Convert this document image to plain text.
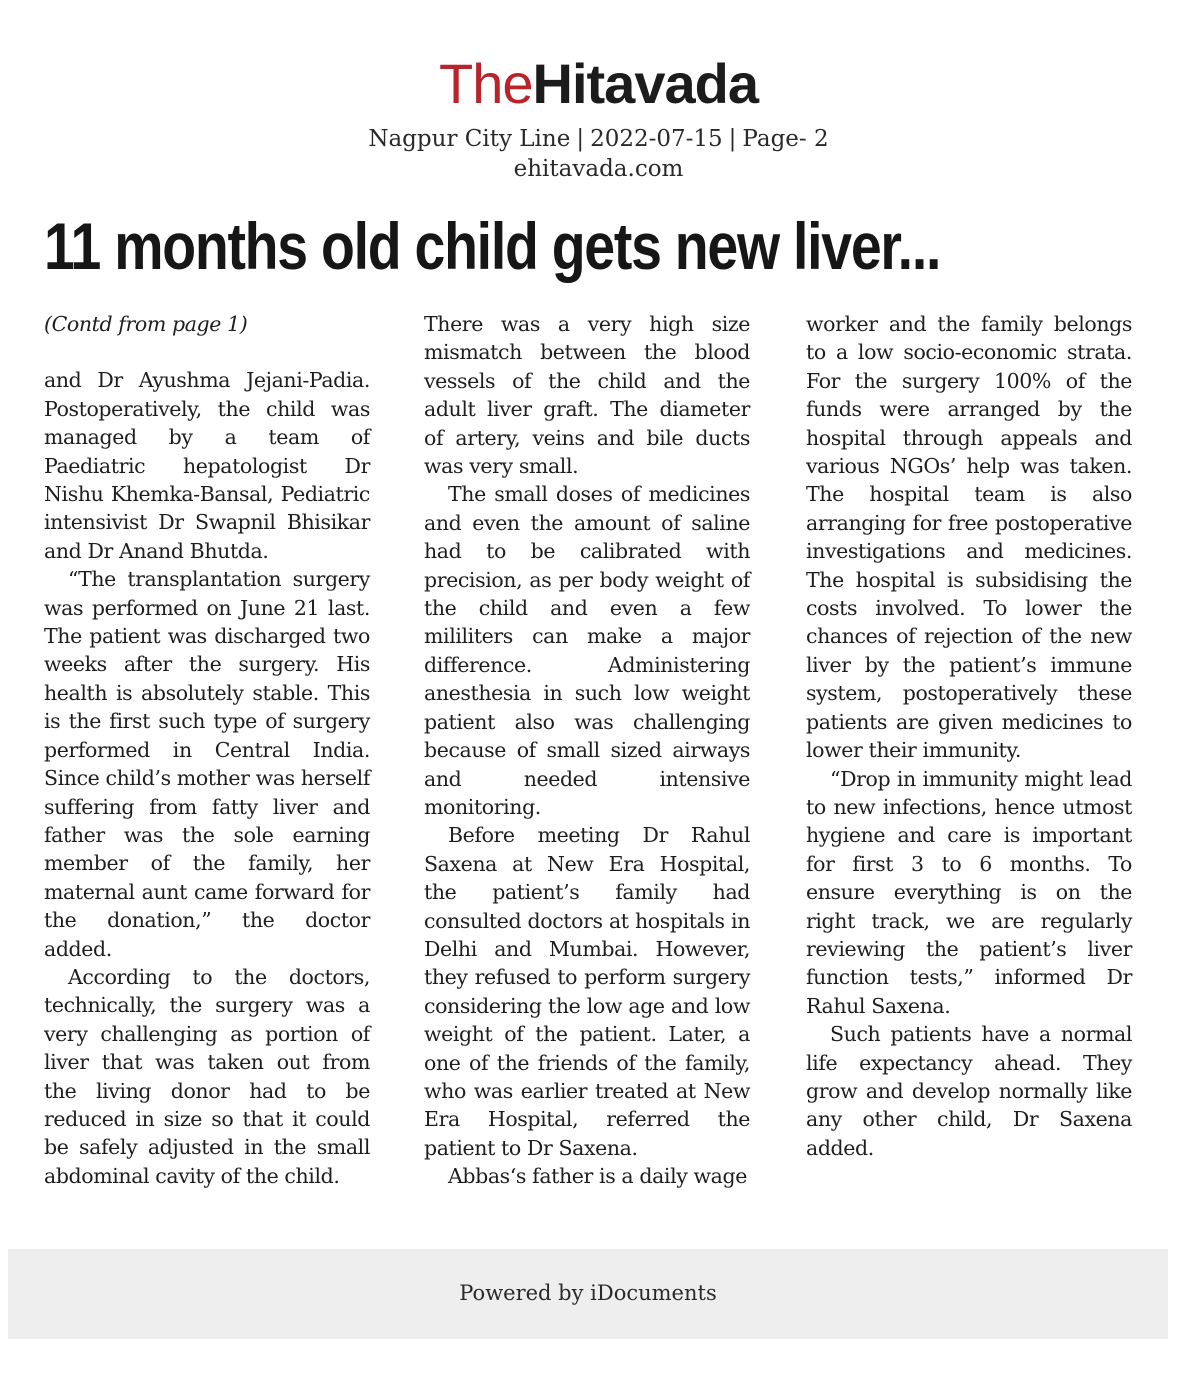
TheHitavada
Nagpur City Line | 2022-07-15 | Page- 2
ehitavada.com
11 months old child gets new liver...

(Contd from page 1)

and Dr Ayushma Jejani-Padia. Postoperatively, the child was managed by a team of Paediatric hepatologist Dr Nishu Khemka-Bansal, Pediatric intensivist Dr Swapnil Bhisikar and Dr Anand Bhutda.

“The transplantation surgery was performed on June 21 last. The patient was discharged two weeks after the surgery. His health is absolutely stable. This is the first such type of surgery performed in Central India. Since child’s mother was herself suffering from fatty liver and father was the sole earning member of the family, her maternal aunt came forward for the donation,” the doctor added.

According to the doctors, technically, the surgery was a very challenging as portion of liver that was taken out from the living donor had to be reduced in size so that it could be safely adjusted in the small abdominal cavity of the child.

There was a very high size mismatch between the blood vessels of the child and the adult liver graft. The diameter of artery, veins and bile ducts was very small.

The small doses of medicines and even the amount of saline had to be calibrated with precision, as per body weight of the child and even a few mililiters can make a major difference. Administering anesthesia in such low weight patient also was challenging because of small sized airways and needed intensive monitoring.

Before meeting Dr Rahul Saxena at New Era Hospital, the patient’s family had consulted doctors at hospitals in Delhi and Mumbai. However, they refused to perform surgery considering the low age and low weight of the patient. Later, a one of the friends of the family, who was earlier treated at New Era Hospital, referred the patient to Dr Saxena.

Abbas‘s father is a daily wage

worker and the family belongs to a low socio-economic strata. For the surgery 100% of the funds were arranged by the hospital through appeals and various NGOs’ help was taken. The hospital team is also arranging for free postoperative investigations and medicines. The hospital is subsidising the costs involved. To lower the chances of rejection of the new liver by the patient’s immune system, postoperatively these patients are given medicines to lower their immunity.

“Drop in immunity might lead to new infections, hence utmost hygiene and care is important for first 3 to 6 months. To ensure everything is on the right track, we are regularly reviewing the patient’s liver function tests,” informed Dr Rahul Saxena.

Such patients have a normal life expectancy ahead. They grow and develop normally like any other child, Dr Saxena added.

Powered by iDocuments
